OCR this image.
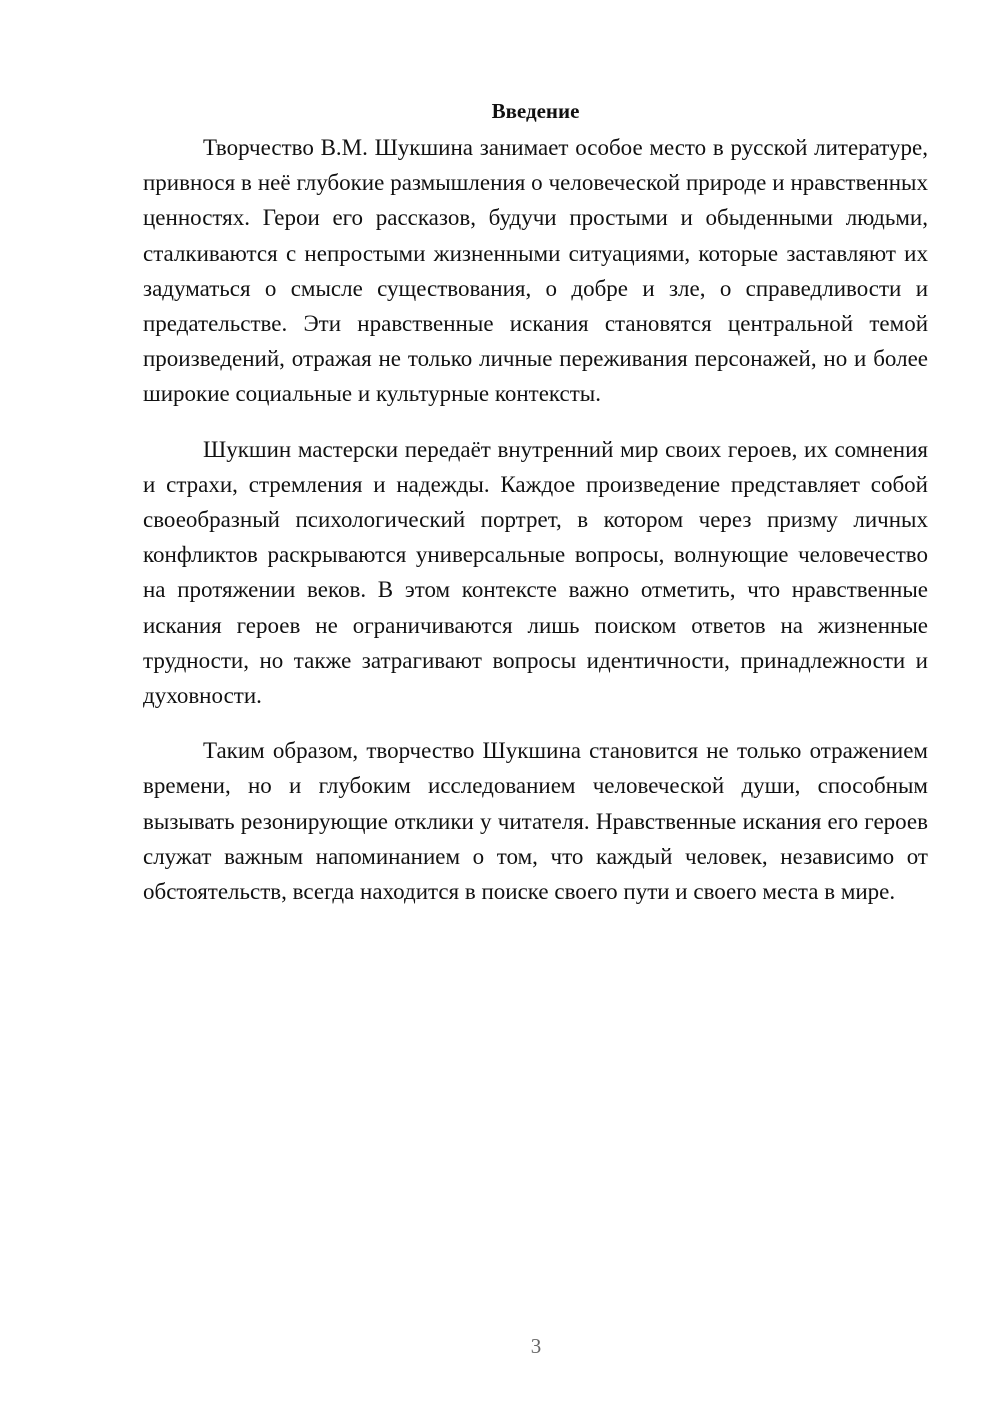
Введение

Творчество В.М. Шукшина занимает особое место в русской литературе, привнося в неё глубокие размышления о человеческой природе и нравственных ценностях. Герои его рассказов, будучи простыми и обыденными людьми, сталкиваются с непростыми жизненными ситуациями, которые заставляют их задуматься о смысле существования, о добре и зле, о справедливости и предательстве. Эти нравственные искания становятся центральной темой произведений, отражая не только личные переживания персонажей, но и более широкие социальные и культурные контексты.

Шукшин мастерски передаёт внутренний мир своих героев, их сомнения и страхи, стремления и надежды. Каждое произведение представляет собой своеобразный психологический портрет, в котором через призму личных конфликтов раскрываются универсальные вопросы, волнующие человечество на протяжении веков. В этом контексте важно отметить, что нравственные искания героев не ограничиваются лишь поиском ответов на жизненные трудности, но также затрагивают вопросы идентичности, принадлежности и духовности.

Таким образом, творчество Шукшина становится не только отражением времени, но и глубоким исследованием человеческой души, способным вызывать резонирующие отклики у читателя. Нравственные искания его героев служат важным напоминанием о том, что каждый человек, независимо от обстоятельств, всегда находится в поиске своего пути и своего места в мире.

3
